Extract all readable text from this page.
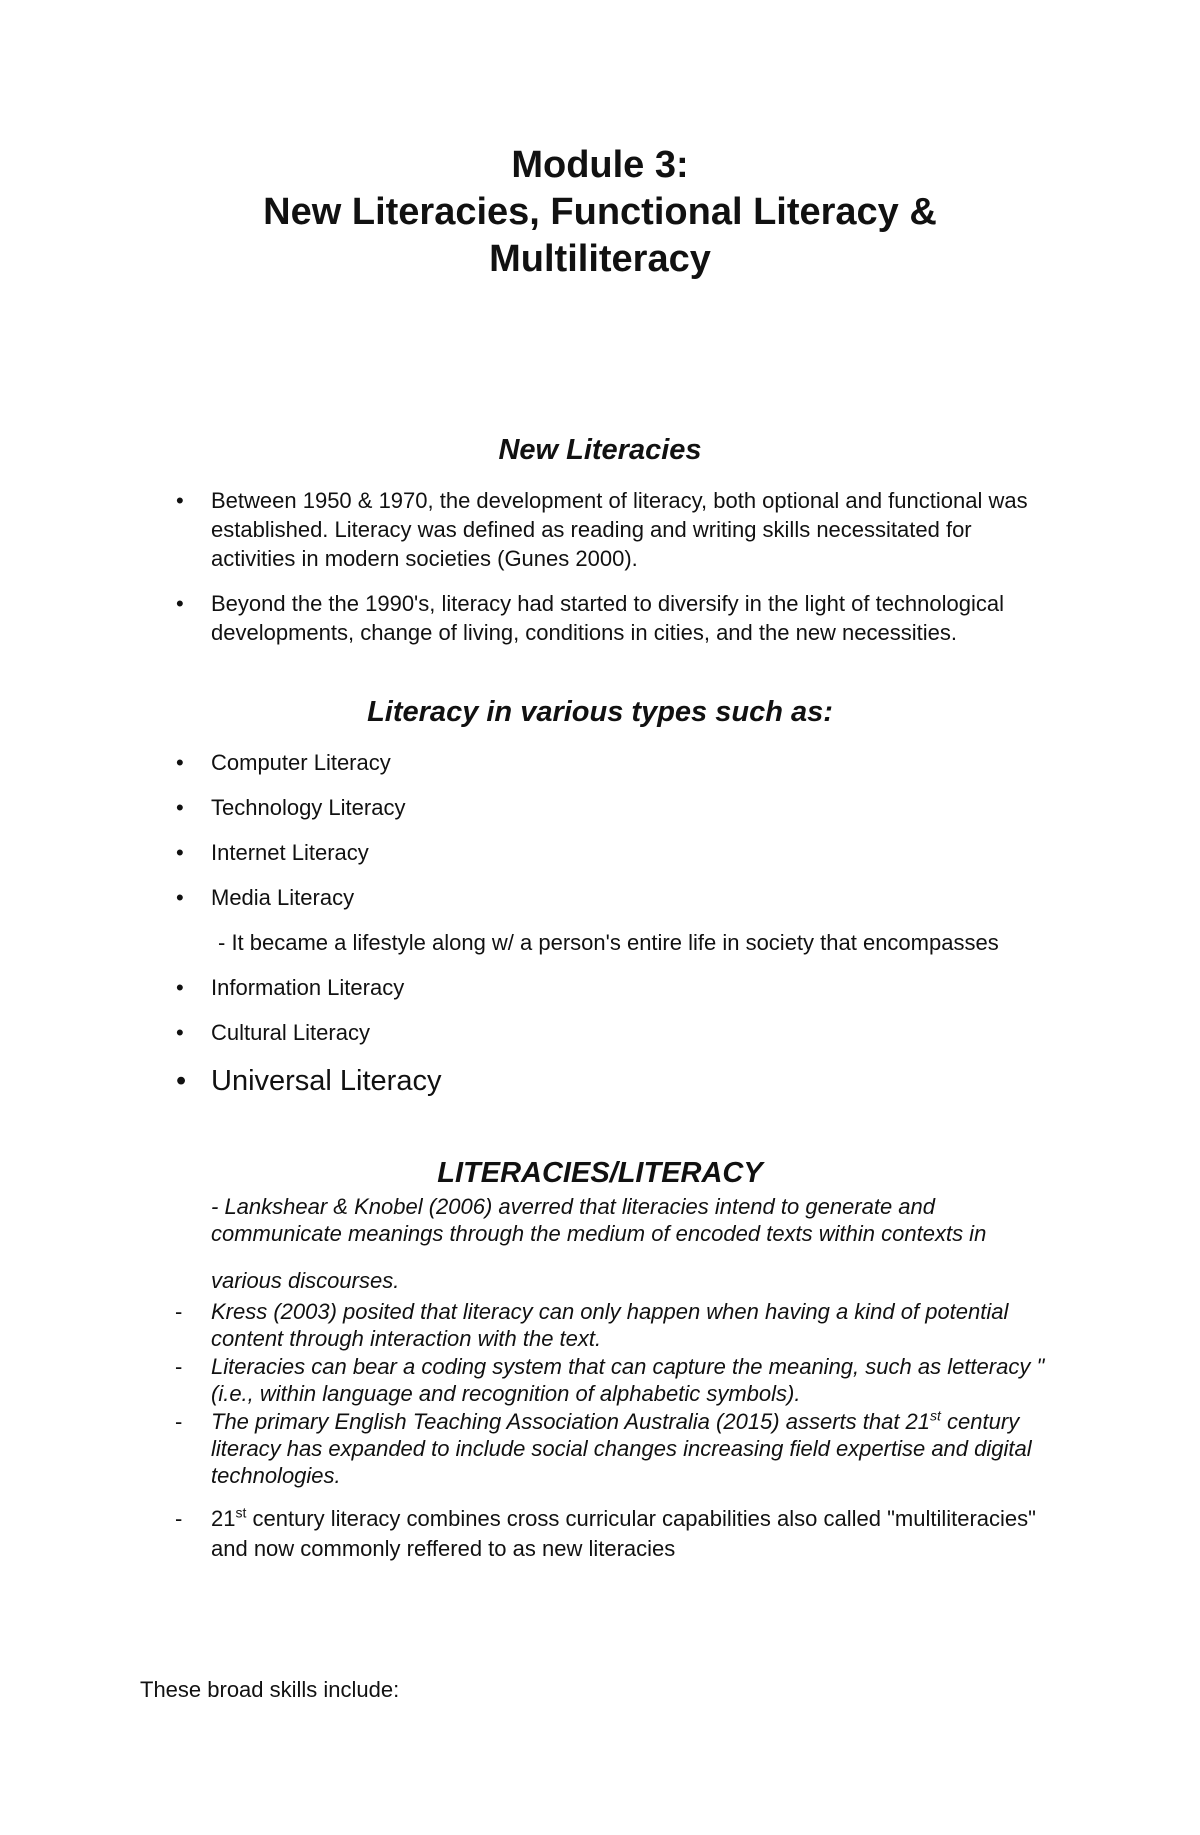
Module 3:
New Literacies, Functional Literacy &
Multiliteracy
New Literacies
• Between 1950 & 1970, the development of literacy, both optional and functional was established. Literacy was defined as reading and writing skills necessitated for activities in modern societies (Gunes 2000).
• Beyond the the 1990's, literacy had started to diversify in the light of technological developments, change of living, conditions in cities, and the new necessities.
Literacy in various types such as:
• Computer Literacy
• Technology Literacy
• Internet Literacy
• Media Literacy
- It became a lifestyle along w/ a person's entire life in society that encompasses
• Information Literacy
• Cultural Literacy
• Universal Literacy
LITERACIES/LITERACY
- Lankshear & Knobel (2006) averred that literacies intend to generate and
communicate meanings through the medium of encoded texts within contexts in
various discourses.
- Kress (2003) posited that literacy can only happen when having a kind of potential content through interaction with the text.
- Literacies can bear a coding system that can capture the meaning, such as letteracy "(i.e., within language and recognition of alphabetic symbols).
- The primary English Teaching Association Australia (2015) asserts that 21st century literacy has expanded to include social changes increasing field expertise and digital technologies.
- 21st century literacy combines cross curricular capabilities also called "multiliteracies" and now commonly reffered to as new literacies
These broad skills include:
